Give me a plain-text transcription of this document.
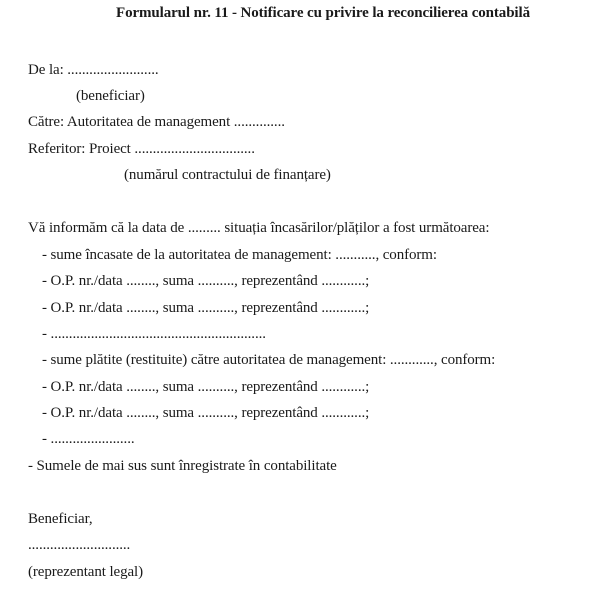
Formularul nr. 11 - Notificare cu privire la reconcilierea contabilă
De la: .........................
(beneficiar)
Către: Autoritatea de management ..............
Referitor: Proiect .................................
(numărul contractului de finanțare)
Vă informăm că la data de ......... situația încasărilor/plăților a fost următoarea:
- sume încasate de la autoritatea de management: ..........., conform:
- O.P. nr./data ........, suma .........., reprezentând ............;
- O.P. nr./data ........, suma .........., reprezentând ............;
- ...........................................................
- sume plătite (restituite) către autoritatea de management: ............, conform:
- O.P. nr./data ........, suma .........., reprezentând ............;
- O.P. nr./data ........, suma .........., reprezentând ............;
- .......................
- Sumele de mai sus sunt înregistrate în contabilitate
Beneficiar,
............................
(reprezentant legal)
